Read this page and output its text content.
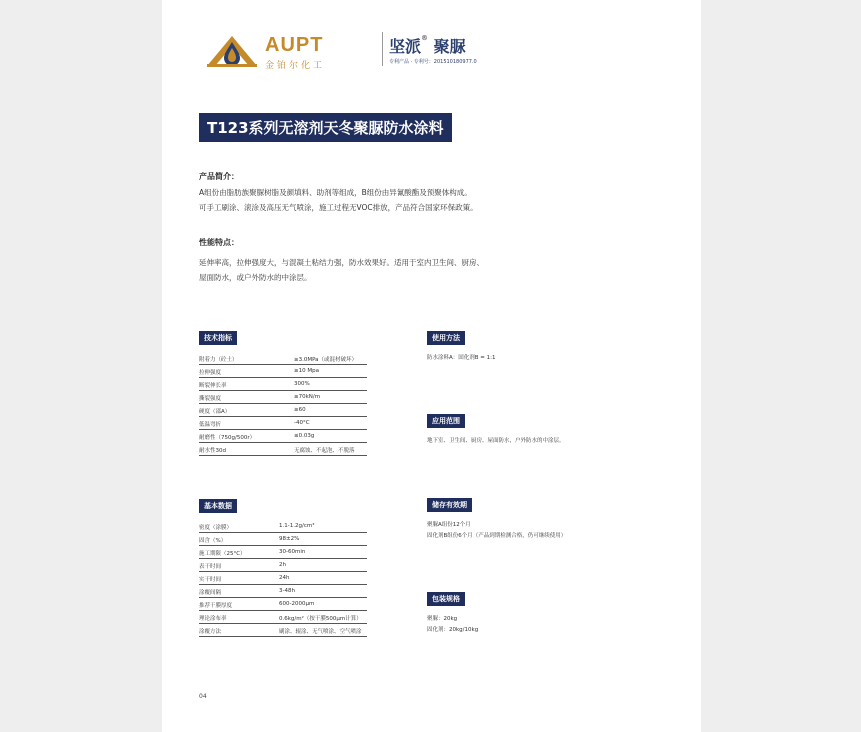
AUPT
金铂尔化工
坚派® 聚脲
专利产品 · 专利号：201510180977.0
T123系列无溶剂天冬聚脲防水涂料
产品简介：
A组份由脂肪族聚脲树脂及颜填料、助剂等组成，B组份由异氰酸酯及预聚体构成。
可手工刷涂、滚涂及高压无气喷涂，施工过程无VOC排放，产品符合国家环保政策。
性能特点：
延伸率高，拉伸强度大，与混凝土粘结力强，防水效果好。适用于室内卫生间、厨房、
屋面防水，或户外防水的中涂层。
技术指标
附着力（砼土）	≥3.0MPa（或混材破坏）
拉伸强度	≥10 Mpa
断裂伸长率	300%
撕裂强度	≥70kN/m
硬度（邵A）	≥60
低温弯折	-40°C
耐磨性（750g/500r）	≤0.03g
耐水性30d	无腐蚀、不起泡、不脱落
基本数据
密度（涂膜）	1.1-1.2g/cm³
固含（%）	98±2%
施工期限（25°C）	30-60min
表干时间	2h
实干时间	24h
涂覆间隔	3-48h
推荐干膜厚度	600-2000μm
理论涂布率	0.6kg/m²（按干膜500μm计算）
涂覆方法	刷涂、辊涂、无气喷涂、空气喷涂
使用方法
防水涂料A：固化剂B = 1:1
应用范围
地下室、卫生间、厨房、屋面防水，户外防水的中涂层。
储存有效期
聚脲A组份12个月
固化剂B组份6个月（产品到期检测合格，仍可继续使用）
包装规格
聚脲：20kg
固化剂：20kg/10kg
04
